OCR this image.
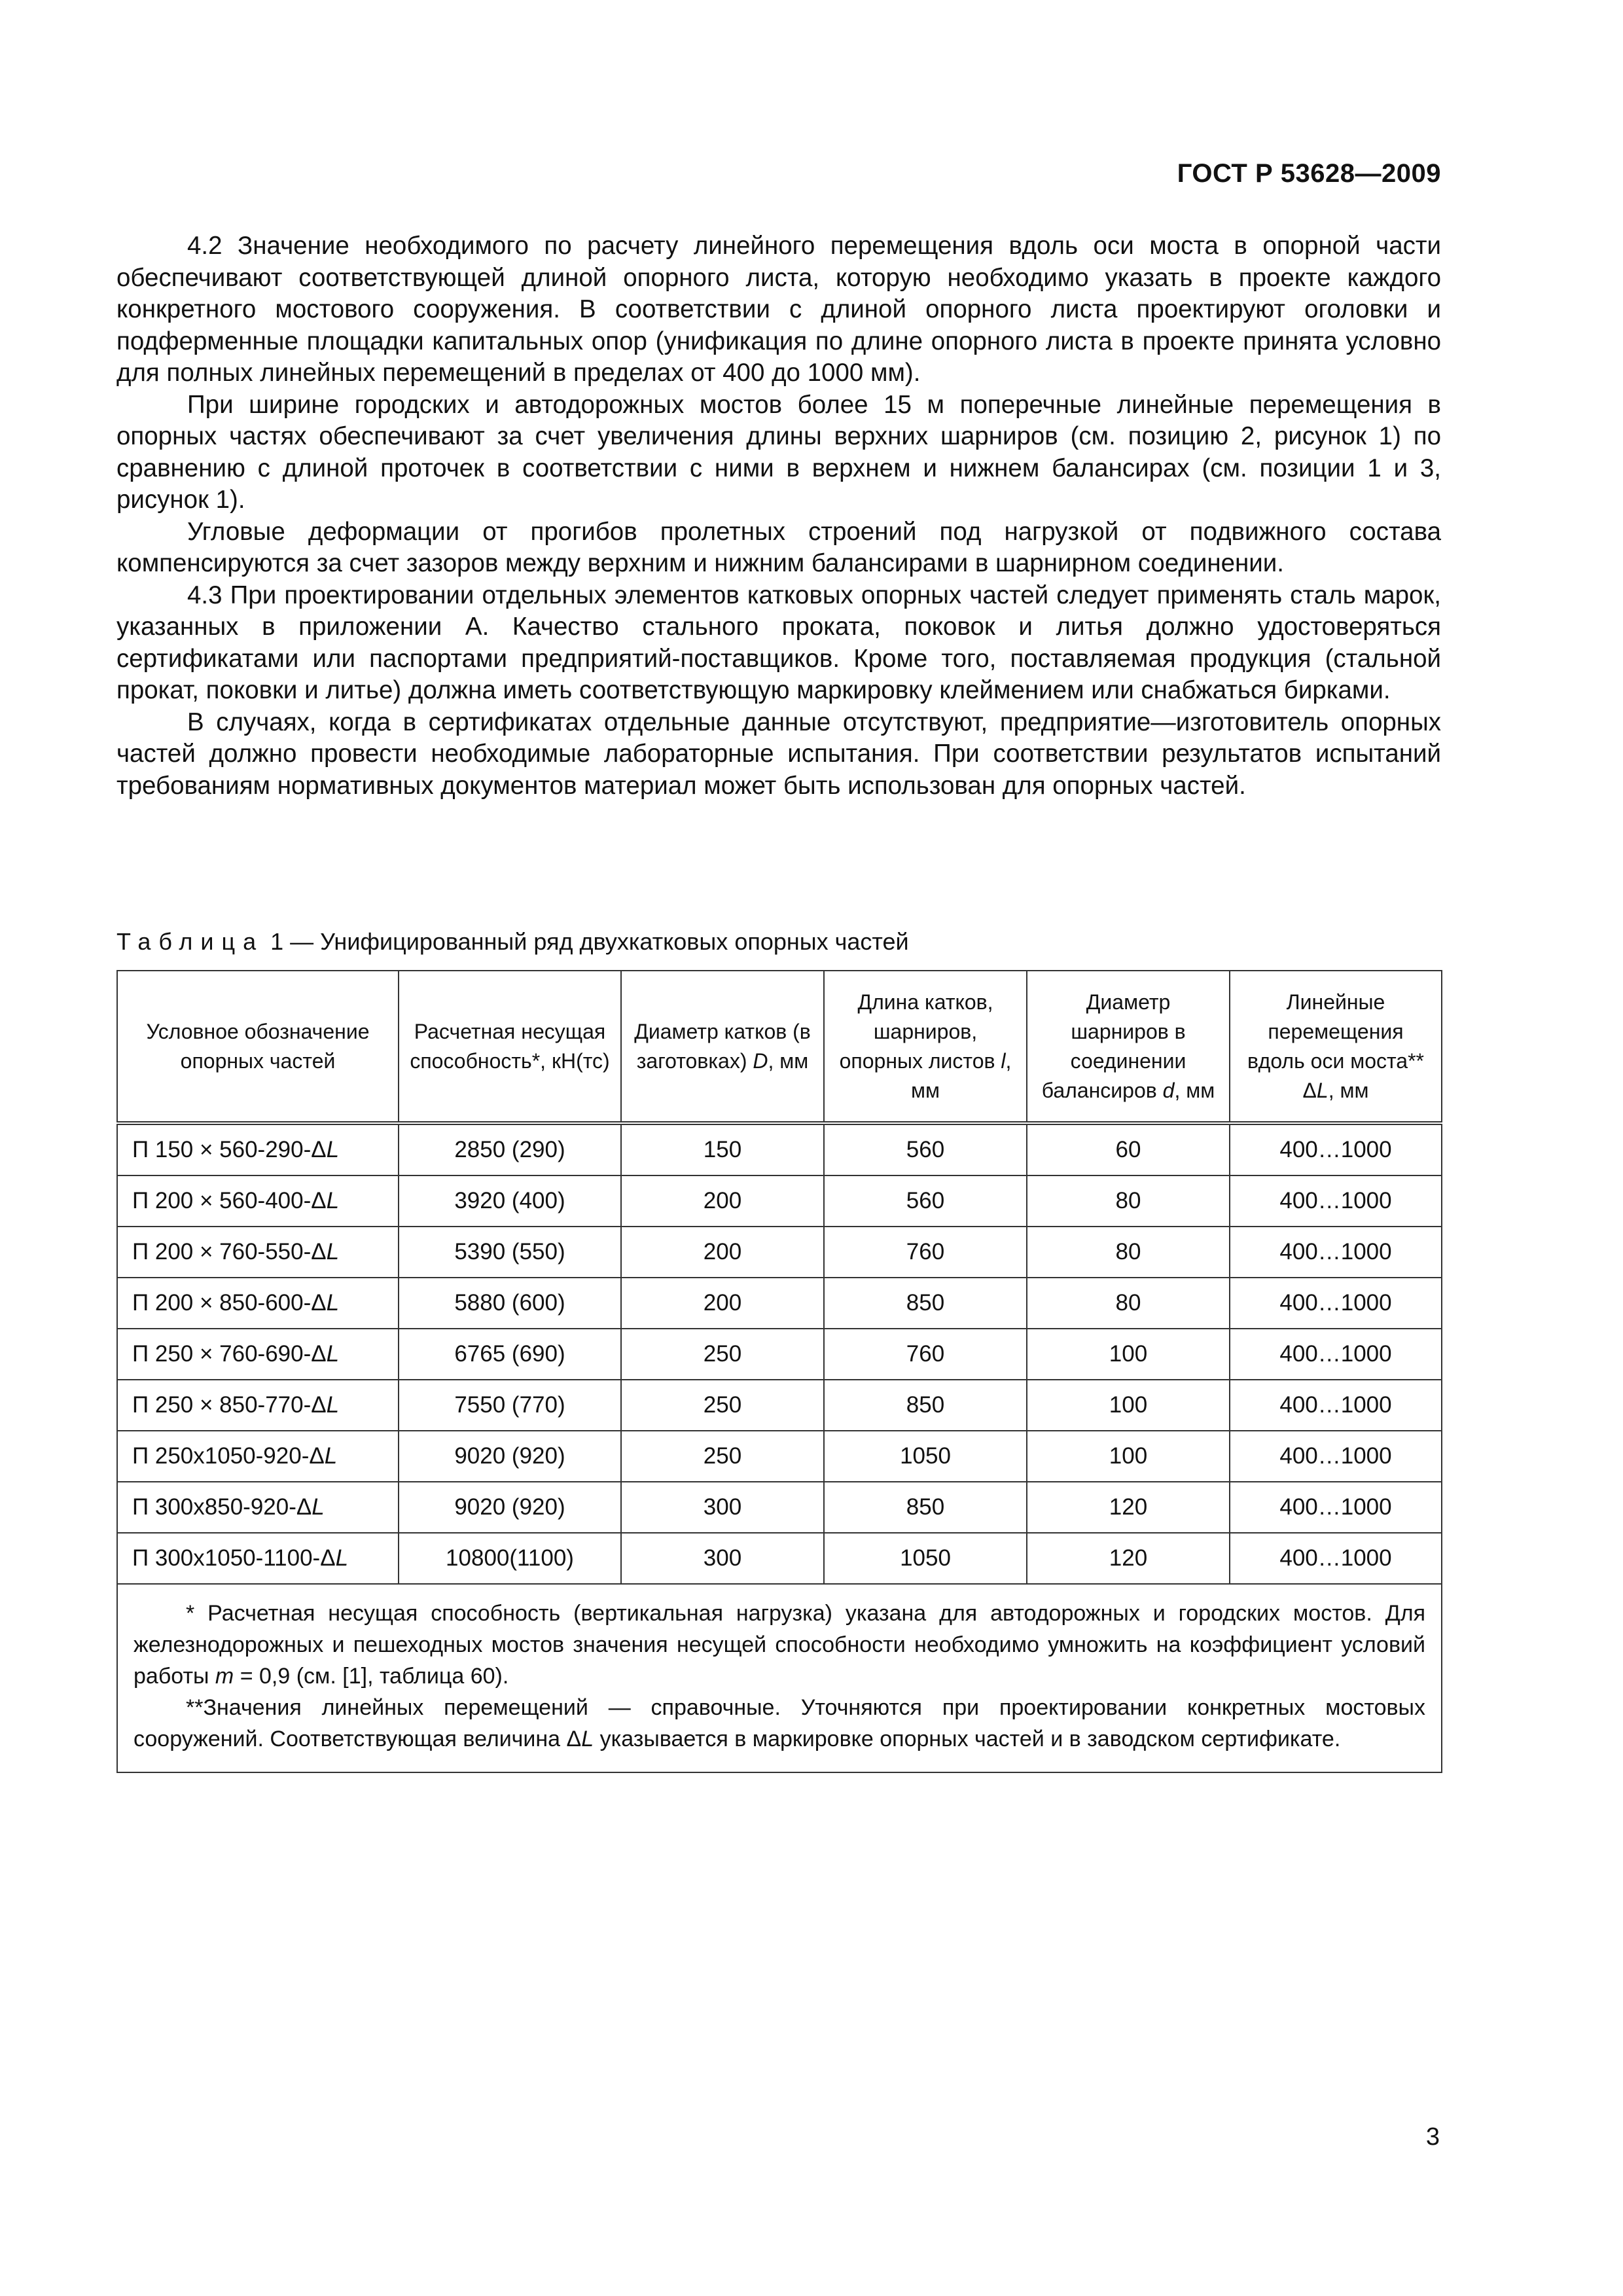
ГОСТ Р 53628—2009

4.2 Значение необходимого по расчету линейного перемещения вдоль оси моста в опорной части обеспечивают соответствующей длиной опорного листа, которую необходимо указать в проекте каждого конкретного мостового сооружения. В соответствии с длиной опорного листа проектируют оголовки и подферменные площадки капитальных опор (унификация по длине опорного листа в проекте принята условно для полных линейных перемещений в пределах от 400 до 1000 мм).

При ширине городских и автодорожных мостов более 15 м поперечные линейные перемещения в опорных частях обеспечивают за счет увеличения длины верхних шарниров (см. позицию 2, рисунок 1) по сравнению с длиной проточек в соответствии с ними в верхнем и нижнем балансирах (см. позиции 1 и 3, рисунок 1).

Угловые деформации от прогибов пролетных строений под нагрузкой от подвижного состава компенсируются за счет зазоров между верхним и нижним балансирами в шарнирном соединении.

4.3 При проектировании отдельных элементов катковых опорных частей следует применять сталь марок, указанных в приложении А. Качество стального проката, поковок и литья должно удостоверяться сертификатами или паспортами предприятий-поставщиков. Кроме того, поставляемая продукция (стальной прокат, поковки и литье) должна иметь соответствующую маркировку клеймением или снабжаться бирками.

В случаях, когда в сертификатах отдельные данные отсутствуют, предприятие—изготовитель опорных частей должно провести необходимые лабораторные испытания. При соответствии результатов испытаний требованиям нормативных документов материал может быть использован для опорных частей.

Таблица 1 — Унифицированный ряд двухкатковых опорных частей
Условное обозначение опорных частей	Расчетная несущая способность*, кН(тс)	Диаметр катков (в заготовках) D, мм	Длина катков, шарниров, опорных листов l, мм	Диаметр шарниров в соединении балансиров d, мм	Линейные перемещения вдоль оси моста** ΔL, мм
П 150 × 560-290-ΔL	2850 (290)	150	560	60	400…1000
П 200 × 560-400-ΔL	3920 (400)	200	560	80	400…1000
П 200 × 760-550-ΔL	5390 (550)	200	760	80	400…1000
П 200 × 850-600-ΔL	5880 (600)	200	850	80	400…1000
П 250 × 760-690-ΔL	6765 (690)	250	760	100	400…1000
П 250 × 850-770-ΔL	7550 (770)	250	850	100	400…1000
П 250x1050-920-ΔL	9020 (920)	250	1050	100	400…1000
П 300x850-920-ΔL	9020 (920)	300	850	120	400…1000
П 300x1050-1100-ΔL	10800(1100)	300	1050	120	400…1000

* Расчетная несущая способность (вертикальная нагрузка) указана для автодорожных и городских мостов. Для железнодорожных и пешеходных мостов значения несущей способности необходимо умножить на коэффициент условий работы m = 0,9 (см. [1], таблица 60).

**Значения линейных перемещений — справочные. Уточняются при проектировании конкретных мостовых сооружений. Соответствующая величина ΔL указывается в маркировке опорных частей и в заводском сертификате.					

3
